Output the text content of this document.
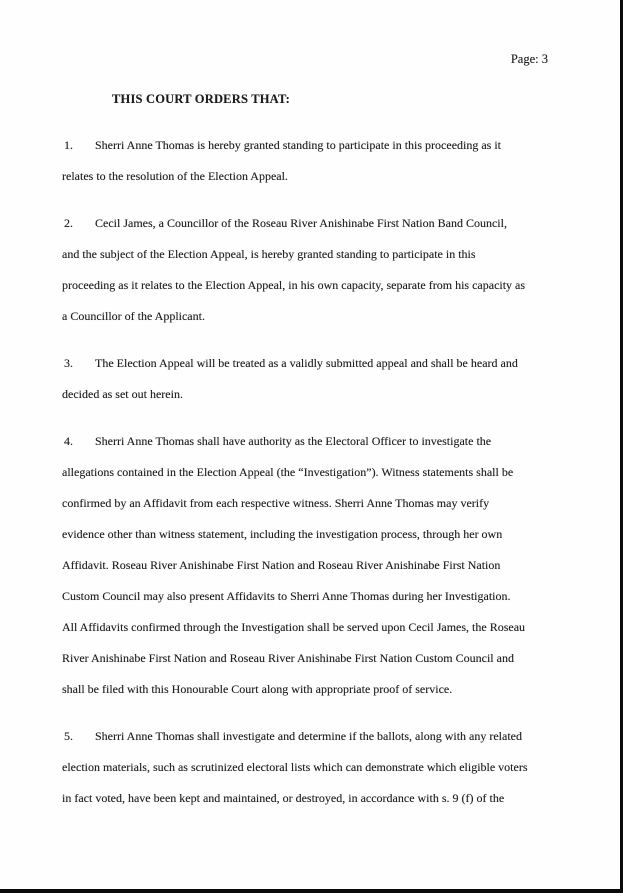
Page: 3
THIS COURT ORDERS THAT:
1. Sherri Anne Thomas is hereby granted standing to participate in this proceeding as it
relates to the resolution of the Election Appeal.
2. Cecil James, a Councillor of the Roseau River Anishinabe First Nation Band Council,
and the subject of the Election Appeal, is hereby granted standing to participate in this
proceeding as it relates to the Election Appeal, in his own capacity, separate from his capacity as
a Councillor of the Applicant.
3. The Election Appeal will be treated as a validly submitted appeal and shall be heard and
decided as set out herein.
4. Sherri Anne Thomas shall have authority as the Electoral Officer to investigate the
allegations contained in the Election Appeal (the “Investigation”). Witness statements shall be
confirmed by an Affidavit from each respective witness. Sherri Anne Thomas may verify
evidence other than witness statement, including the investigation process, through her own
Affidavit. Roseau River Anishinabe First Nation and Roseau River Anishinabe First Nation
Custom Council may also present Affidavits to Sherri Anne Thomas during her Investigation.
All Affidavits confirmed through the Investigation shall be served upon Cecil James, the Roseau
River Anishinabe First Nation and Roseau River Anishinabe First Nation Custom Council and
shall be filed with this Honourable Court along with appropriate proof of service.
5. Sherri Anne Thomas shall investigate and determine if the ballots, along with any related
election materials, such as scrutinized electoral lists which can demonstrate which eligible voters
in fact voted, have been kept and maintained, or destroyed, in accordance with s. 9 (f) of the
